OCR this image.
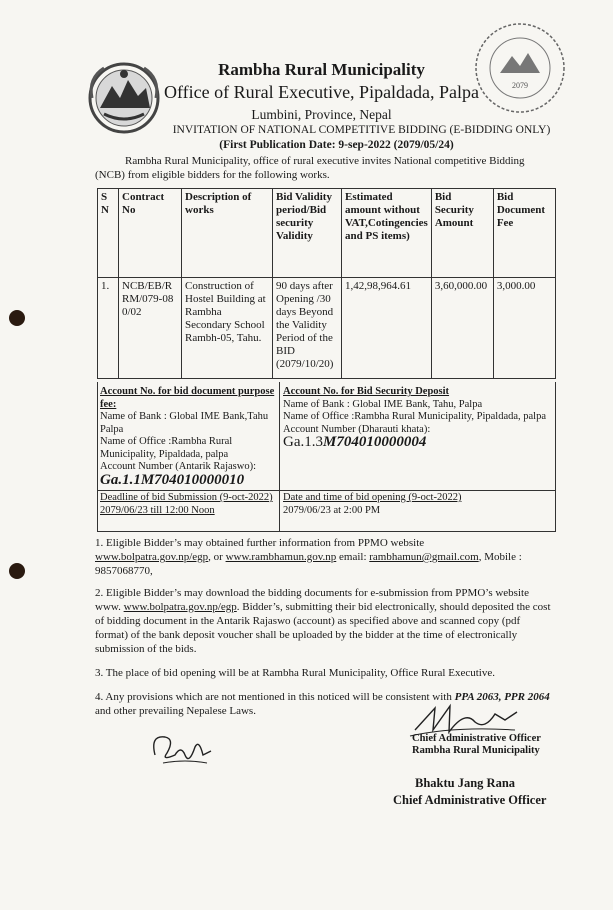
2079
Rambha Rural Municipality
Office of Rural Executive, Pipaldada, Palpa
Lumbini, Province, Nepal
INVITATION OF NATIONAL COMPETITIVE BIDDING (E-BIDDING ONLY)
(First Publication Date: 9-sep-2022 (2079/05/24)
Rambha Rural Municipality, office of rural executive invites National competitive Bidding (NCB) from eligible bidders for the following works.
S N	Contract No	Description of works	Bid Validity period/Bid security Validity	Estimated amount without VAT,Cotingencies and PS items)	Bid Security Amount	Bid Document Fee
1.	NCB/EB/RRM/079-080/02	Construction of Hostel Building at Rambha Secondary School Rambh-05, Tahu.	90 days after Opening /30 days Beyond the Validity Period of the BID (2079/10/20)	1,42,98,964.61	3,60,000.00	3,000.00
Account No. for bid document purpose fee:
Name of Bank : Global IME Bank,Tahu Palpa
Name of Office :Rambha Rural Municipality, Pipaldada, palpa
Account Number (Antarik Rajaswo):
Ga.1.1M704010000010
Account No. for Bid Security Deposit
Name of Bank : Global IME Bank, Tahu, Palpa
Name of Office :Rambha Rural Municipality, Pipaldada, palpa
Account Number (Dharauti khata):
Ga.1.3M704010000004
Deadline of bid Submission (9-oct-2022) 2079/06/23 till 12:00 Noon
Date and time of bid opening (9-oct-2022)
2079/06/23 at 2:00 PM
1. Eligible Bidder’s may obtained further information from PPMO website
www.bolpatra.gov.np/egp, or www.rambhamun.gov.np email: rambhamun@gmail.com, Mobile : 9857068770,
2. Eligible Bidder’s may download the bidding documents for e-submission from PPMO’s website www. www.bolpatra.gov.np/egp. Bidder’s, submitting their bid electronically, should deposited the cost of bidding document in the Antarik Rajaswo (account) as specified above and scanned copy (pdf format) of the bank deposit voucher shall be uploaded by the bidder at the time of electronically submission of the bids.
3. The place of bid opening will be at Rambha Rural Municipality, Office Rural Executive.
4. Any provisions which are not mentioned in this noticed will be consistent with PPA 2063, PPR 2064 and other prevailing Nepalese Laws.
Chief Administrative Officer
Rambha Rural Municipality
Bhaktu Jang Rana
Chief Administrative Officer
